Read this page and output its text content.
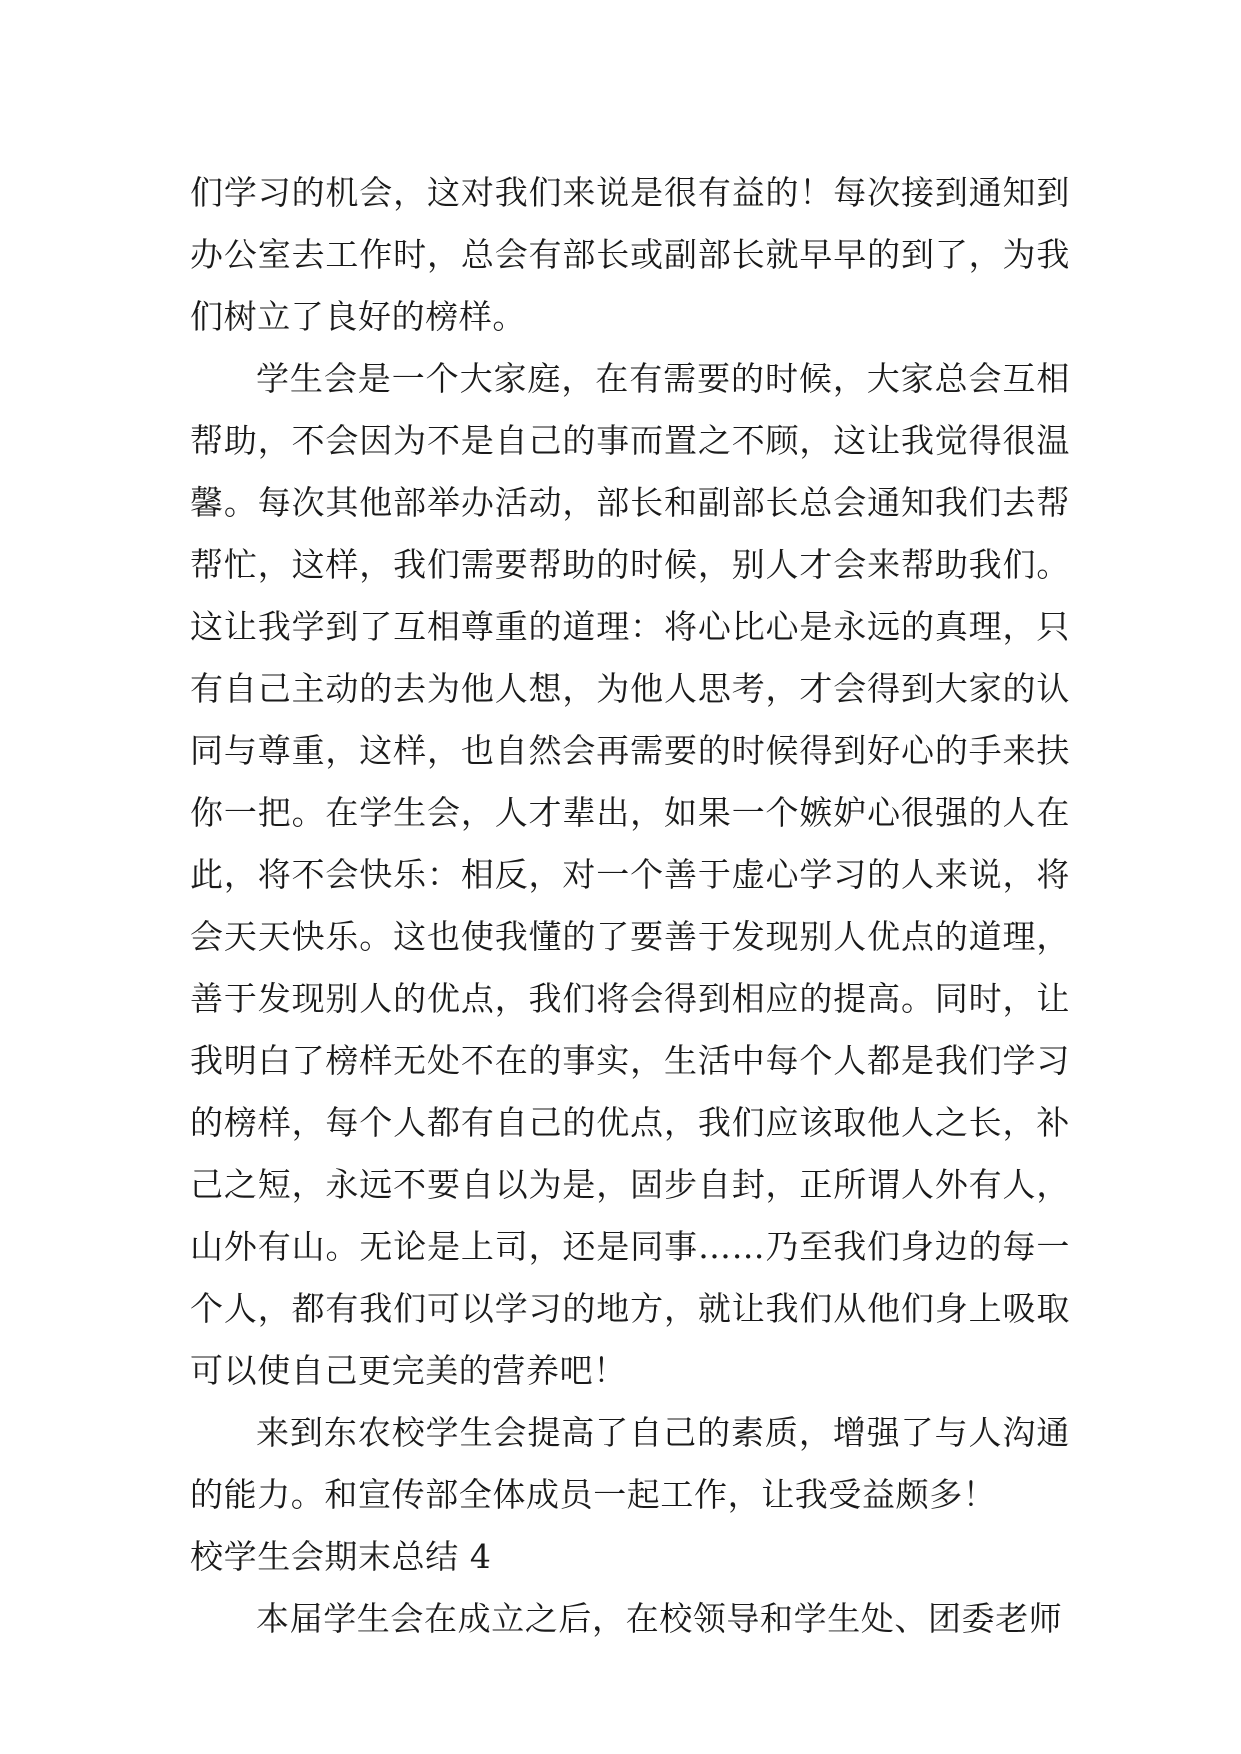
们学习的机会，这对我们来说是很有益的！每次接到通知到办公室去工作时，总会有部长或副部长就早早的到了，为我们树立了良好的榜样。

学生会是一个大家庭，在有需要的时候，大家总会互相帮助，不会因为不是自己的事而置之不顾，这让我觉得很温馨。每次其他部举办活动，部长和副部长总会通知我们去帮帮忙，这样，我们需要帮助的时候，别人才会来帮助我们。这让我学到了互相尊重的道理：将心比心是永远的真理，只有自己主动的去为他人想，为他人思考，才会得到大家的认同与尊重，这样，也自然会再需要的时候得到好心的手来扶你一把。在学生会，人才辈出，如果一个嫉妒心很强的人在此，将不会快乐：相反，对一个善于虚心学习的人来说，将会天天快乐。这也使我懂的了要善于发现别人优点的道理，善于发现别人的优点，我们将会得到相应的提高。同时，让我明白了榜样无处不在的事实，生活中每个人都是我们学习的榜样，每个人都有自己的优点，我们应该取他人之长，补己之短，永远不要自以为是，固步自封，正所谓人外有人，山外有山。无论是上司，还是同事……乃至我们身边的每一个人，都有我们可以学习的地方，就让我们从他们身上吸取可以使自己更完美的营养吧！

来到东农校学生会提高了自己的素质，增强了与人沟通的能力。和宣传部全体成员一起工作，让我受益颇多！

校学生会期末总结 4

本届学生会在成立之后，在校领导和学生处、团委老师
